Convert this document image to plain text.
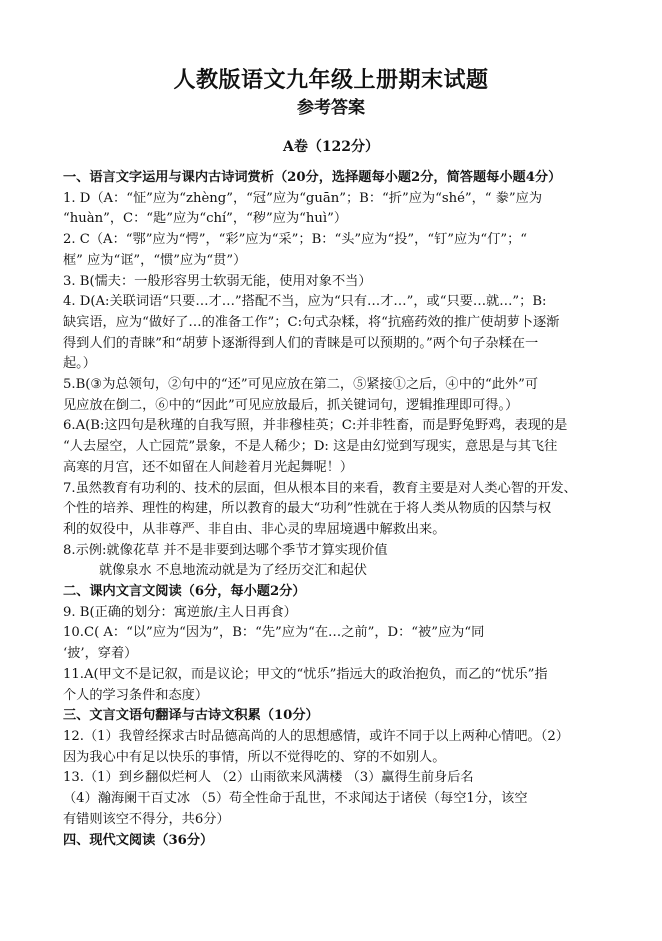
人教版语文九年级上册期末试题
参考答案
A卷（122分）
一、语言文字运用与课内古诗词赏析（20分，选择题每小题2分，简答题每小题4分）

1. D（A：“怔”应为“zhèng”，“冠”应为“guān”；B：“折”应为“shé”，“ 豢”应为
“huàn”，C：“匙”应为“chí”，“秽”应为“huì”）

2. C（A：“鄂”应为“愕”，“彩”应为“采”；B：“头”应为“投”，“钉”应为“仃”；“
框” 应为“诓”，“惯”应为“贯”）

3. B(懦夫：一般形容男士软弱无能，使用对象不当）

4. D(A:关联词语“只要…才…”搭配不当，应为“只有…才…”，或“只要…就…”；B:
缺宾语，应为“做好了…的准备工作”；C:句式杂糅，将“抗癌药效的推广使胡萝卜逐渐
得到人们的青睐”和“胡萝卜逐渐得到人们的青睐是可以预期的。”两个句子杂糅在一
起。）

5.B(③为总领句，②句中的“还”可见应放在第二，⑤紧接①之后，④中的“此外”可
见应放在倒二，⑥中的“因此”可见应放最后，抓关键词句，逻辑推理即可得。）

6.A(B:这四句是秋瑾的自我写照，并非穆桂英；C:并非牲畜，而是野兔野鸡，表现的是
“人去屋空，人亡园荒”景象，不是人稀少；D: 这是由幻觉到写现实，意思是与其飞往
高寒的月宫，还不如留在人间趁着月光起舞呢！）

7.虽然教育有功利的、技术的层面，但从根本目的来看，教育主要是对人类心智的开发、
个性的培养、理性的构建，所以教育的最大“功利”性就在于将人类从物质的囚禁与权
利的奴役中，从非尊严、非自由、非心灵的卑屈境遇中解救出来。

8.示例:就像花草 并不是非要到达哪个季节才算实现价值
就像泉水 不息地流动就是为了经历交汇和起伏

二、课内文言文阅读（6分，每小题2分）

9. B(正确的划分：寓逆旅/主人日再食）

10.C( A：“以”应为“因为”，B：“先”应为“在…之前”，D：“被”应为“同
‘披’，穿着）

11.A(甲文不是记叙，而是议论；甲文的“忧乐”指远大的政治抱负，而乙的“忧乐”指
个人的学习条件和态度）

三、文言文语句翻译与古诗文积累（10分）

12.（1）我曾经探求古时品德高尚的人的思想感情，或许不同于以上两种心情吧。（2）
因为我心中有足以快乐的事情，所以不觉得吃的、穿的不如别人。

13.（1）到乡翻似烂柯人 （2）山雨欲来风满楼 （3）赢得生前身后名
（4）瀚海阑干百丈冰 （5）苟全性命于乱世，不求闻达于诸侯（每空1分，该空
有错则该空不得分，共6分）

四、现代文阅读（36分）
